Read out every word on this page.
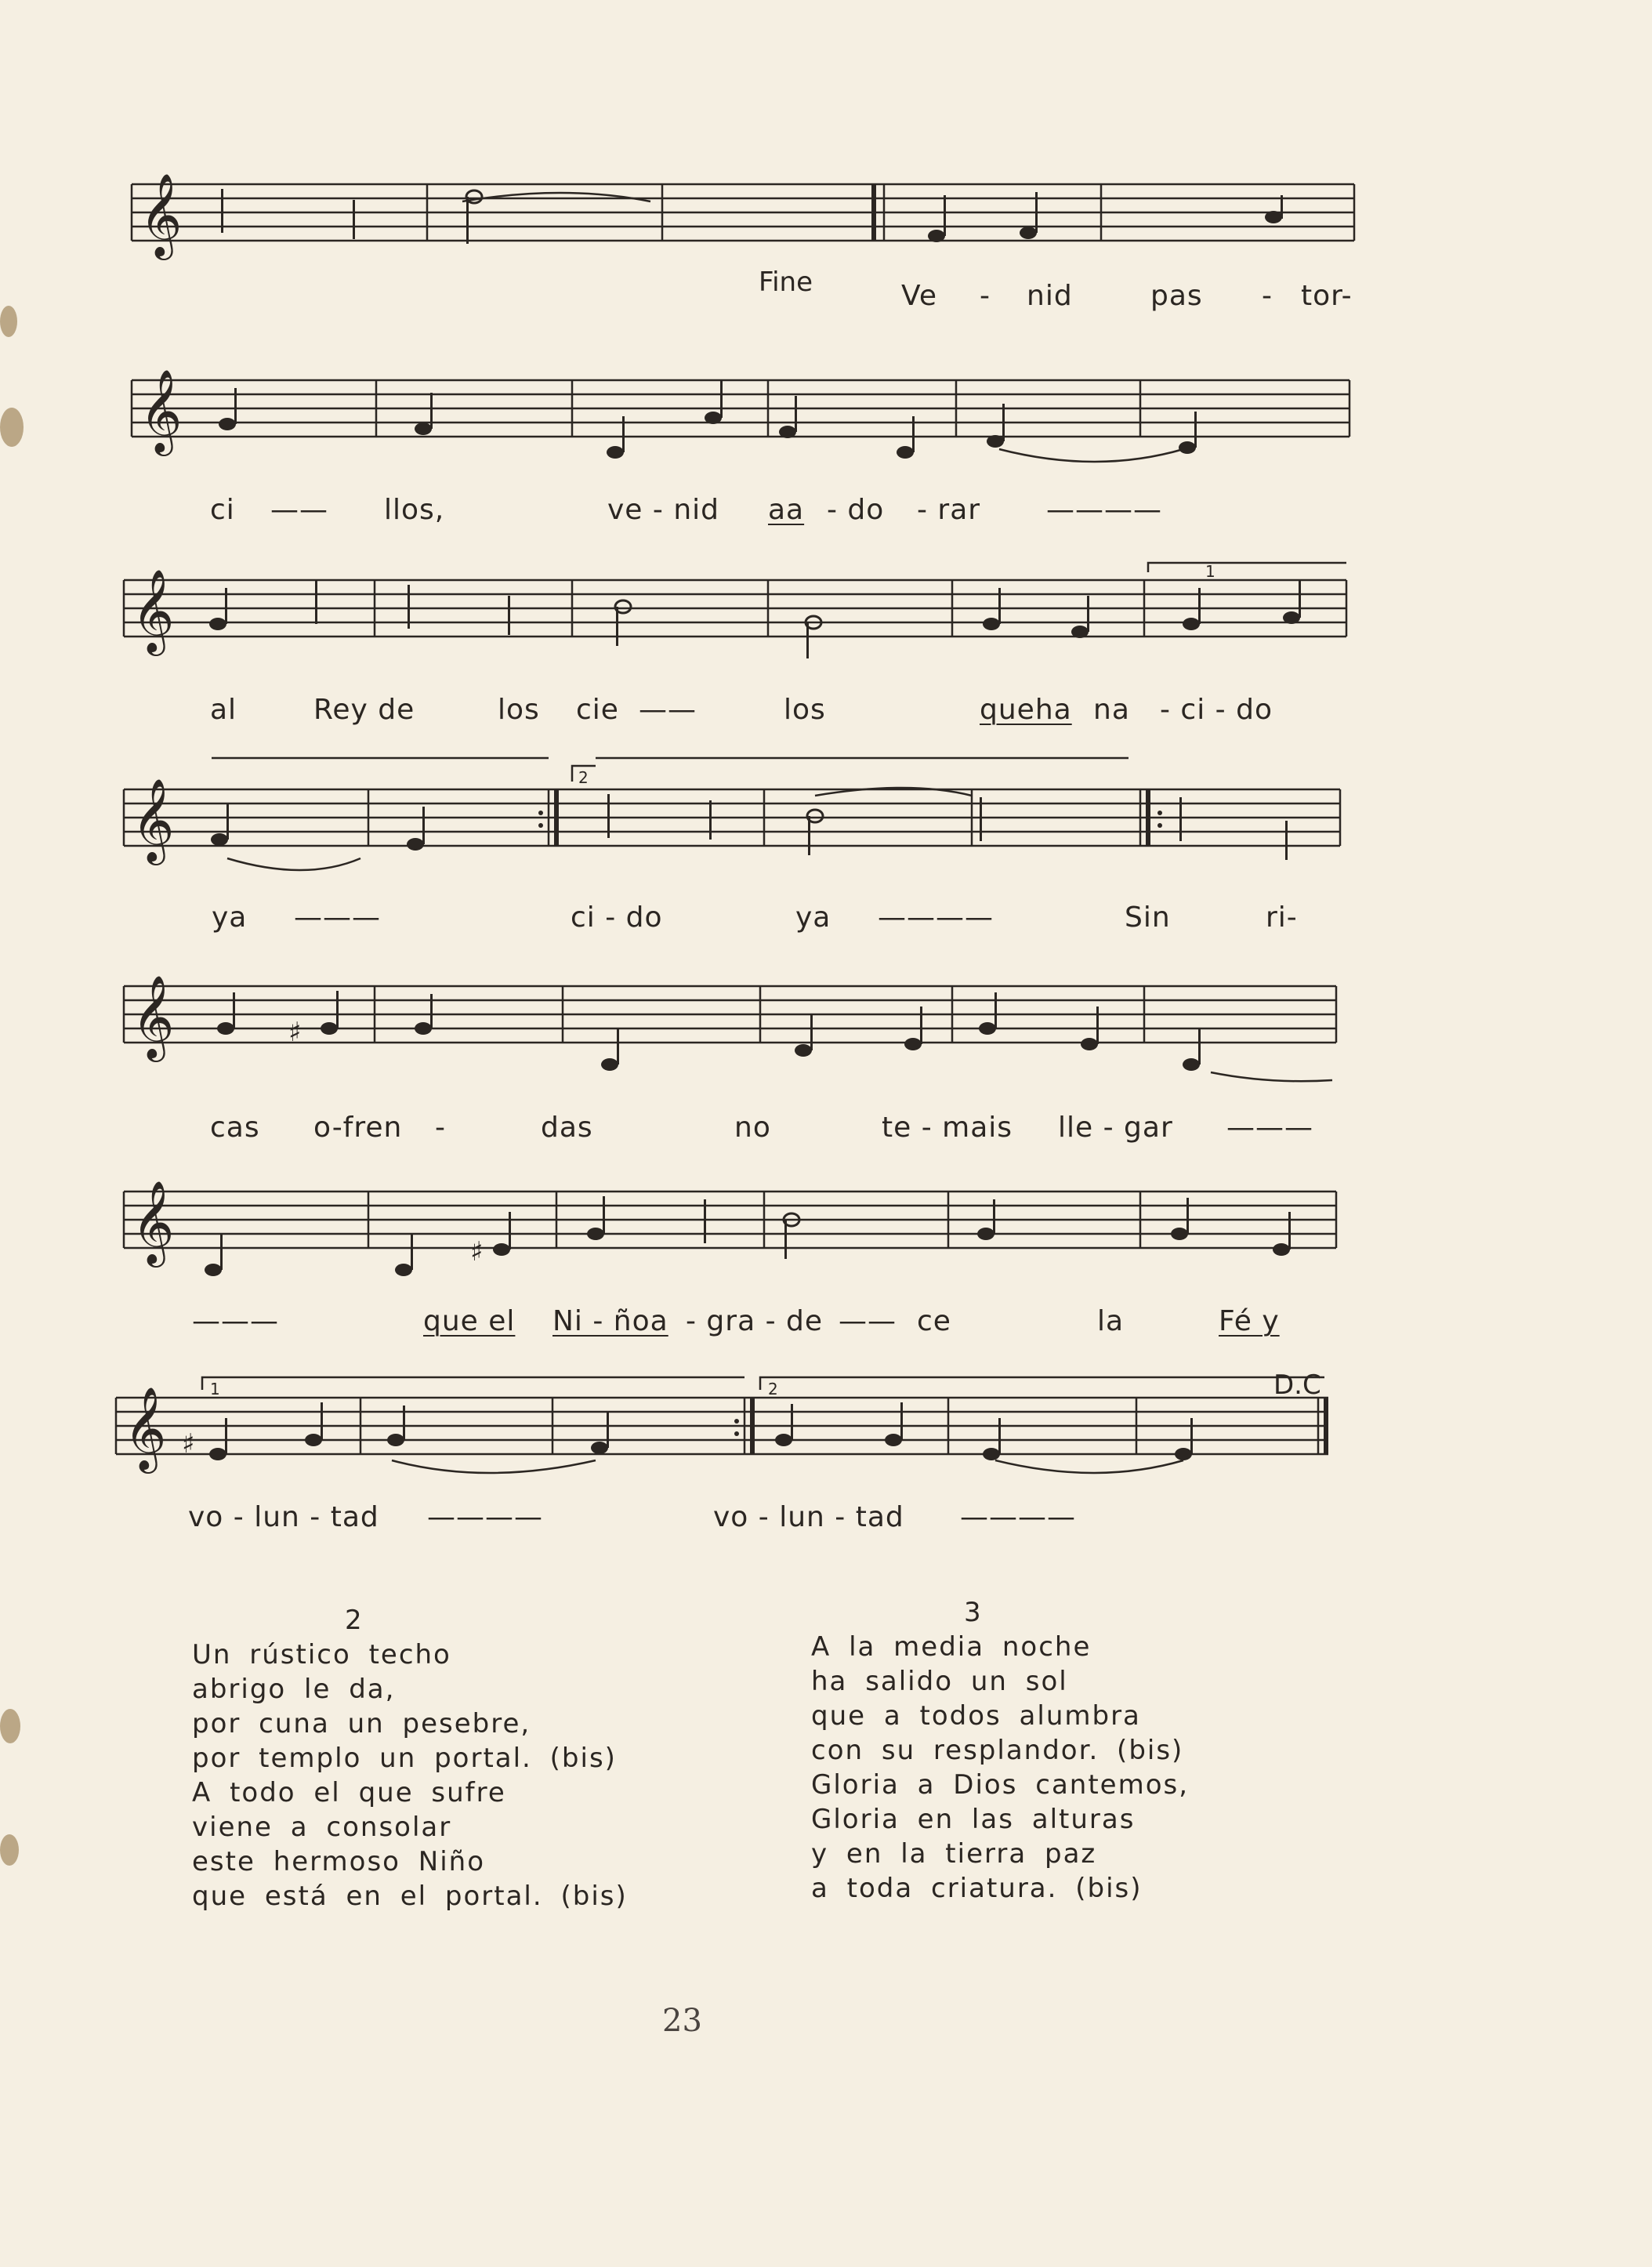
𝄞
Fine	Ve - nid	pas - tor-
𝄞
ci —— llos,	ve - nid aa - do - rar ————
𝄞	1
al	Rey de	los cie ——	los	queha na - ci - do
𝄞	2
ya ———	ci - do	ya ————	Sin	ri-
𝄞	♯
cas o-fren -	das	no	te - mais lle - gar ———
𝄞	♯
———	que el Ni - ñoa - gra - de —— ce	la	Fé y
𝄞 ♯
1	2	D.C
vo - lun - tad ————	vo - lun - tad ————
2
Un rústico techo
abrigo le da,
por cuna un pesebre,
por templo un portal. (bis)
A todo el que sufre
viene a consolar
este hermoso Niño
que está en el portal. (bis)
3
A la media noche
ha salido un sol
que a todos alumbra
con su resplandor. (bis)
Gloria a Dios cantemos,
Gloria en las alturas
y en la tierra paz
a toda criatura. (bis)
23
